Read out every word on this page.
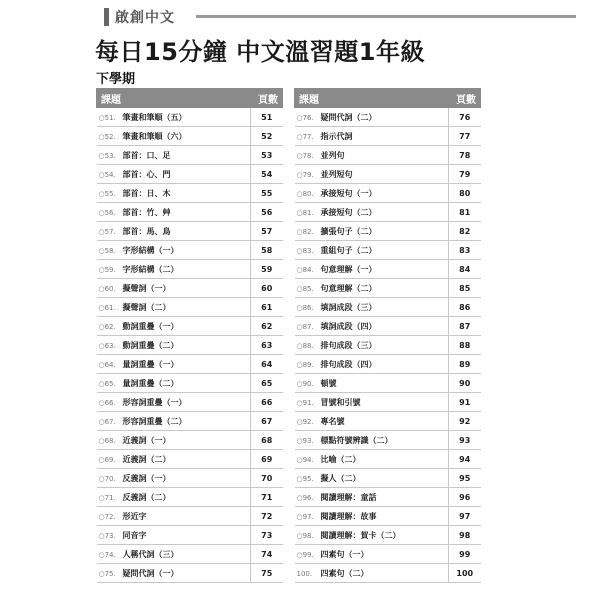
啟創中文
每日15分鐘 中文溫習題1年級
下學期
課題	頁數
○51. 筆畫和筆順（五）	51
○52. 筆畫和筆順（六）	52
○53. 部首：口、足	53
○54. 部首：心、門	54
○55. 部首：日、木	55
○56. 部首：竹、艸	56
○57. 部首：馬、鳥	57
○58. 字形結構（一）	58
○59. 字形結構（二）	59
○60. 擬聲詞（一）	60
○61. 擬聲詞（二）	61
○62. 動詞重疊（一）	62
○63. 動詞重疊（二）	63
○64. 量詞重疊（一）	64
○65. 量詞重疊（二）	65
○66. 形容詞重疊（一）	66
○67. 形容詞重疊（二）	67
○68. 近義詞（一）	68
○69. 近義詞（二）	69
○70. 反義詞（一）	70
○71. 反義詞（二）	71
○72. 形近字	72
○73. 同音字	73
○74. 人稱代詞（三）	74
○75. 疑問代詞（一）	75
課題	頁數
○76. 疑問代詞（二）	76
○77. 指示代詞	77
○78. 並列句	78
○79. 並列短句	79
○80. 承接短句（一）	80
○81. 承接短句（二）	81
○82. 擴張句子（二）	82
○83. 重組句子（二）	83
○84. 句意理解（一）	84
○85. 句意理解（二）	85
○86. 填詞成段（三）	86
○87. 填詞成段（四）	87
○88. 排句成段（三）	88
○89. 排句成段（四）	89
○90. 頓號	90
○91. 冒號和引號	91
○92. 專名號	92
○93. 標點符號辨識（二）	93
○94. 比喻（二）	94
○95. 擬人（二）	95
○96. 閱讀理解：童話	96
○97. 閱讀理解：故事	97
○98. 閱讀理解：賀卡（二）	98
○99. 四素句（一）	99
100. 四素句（二）	100
